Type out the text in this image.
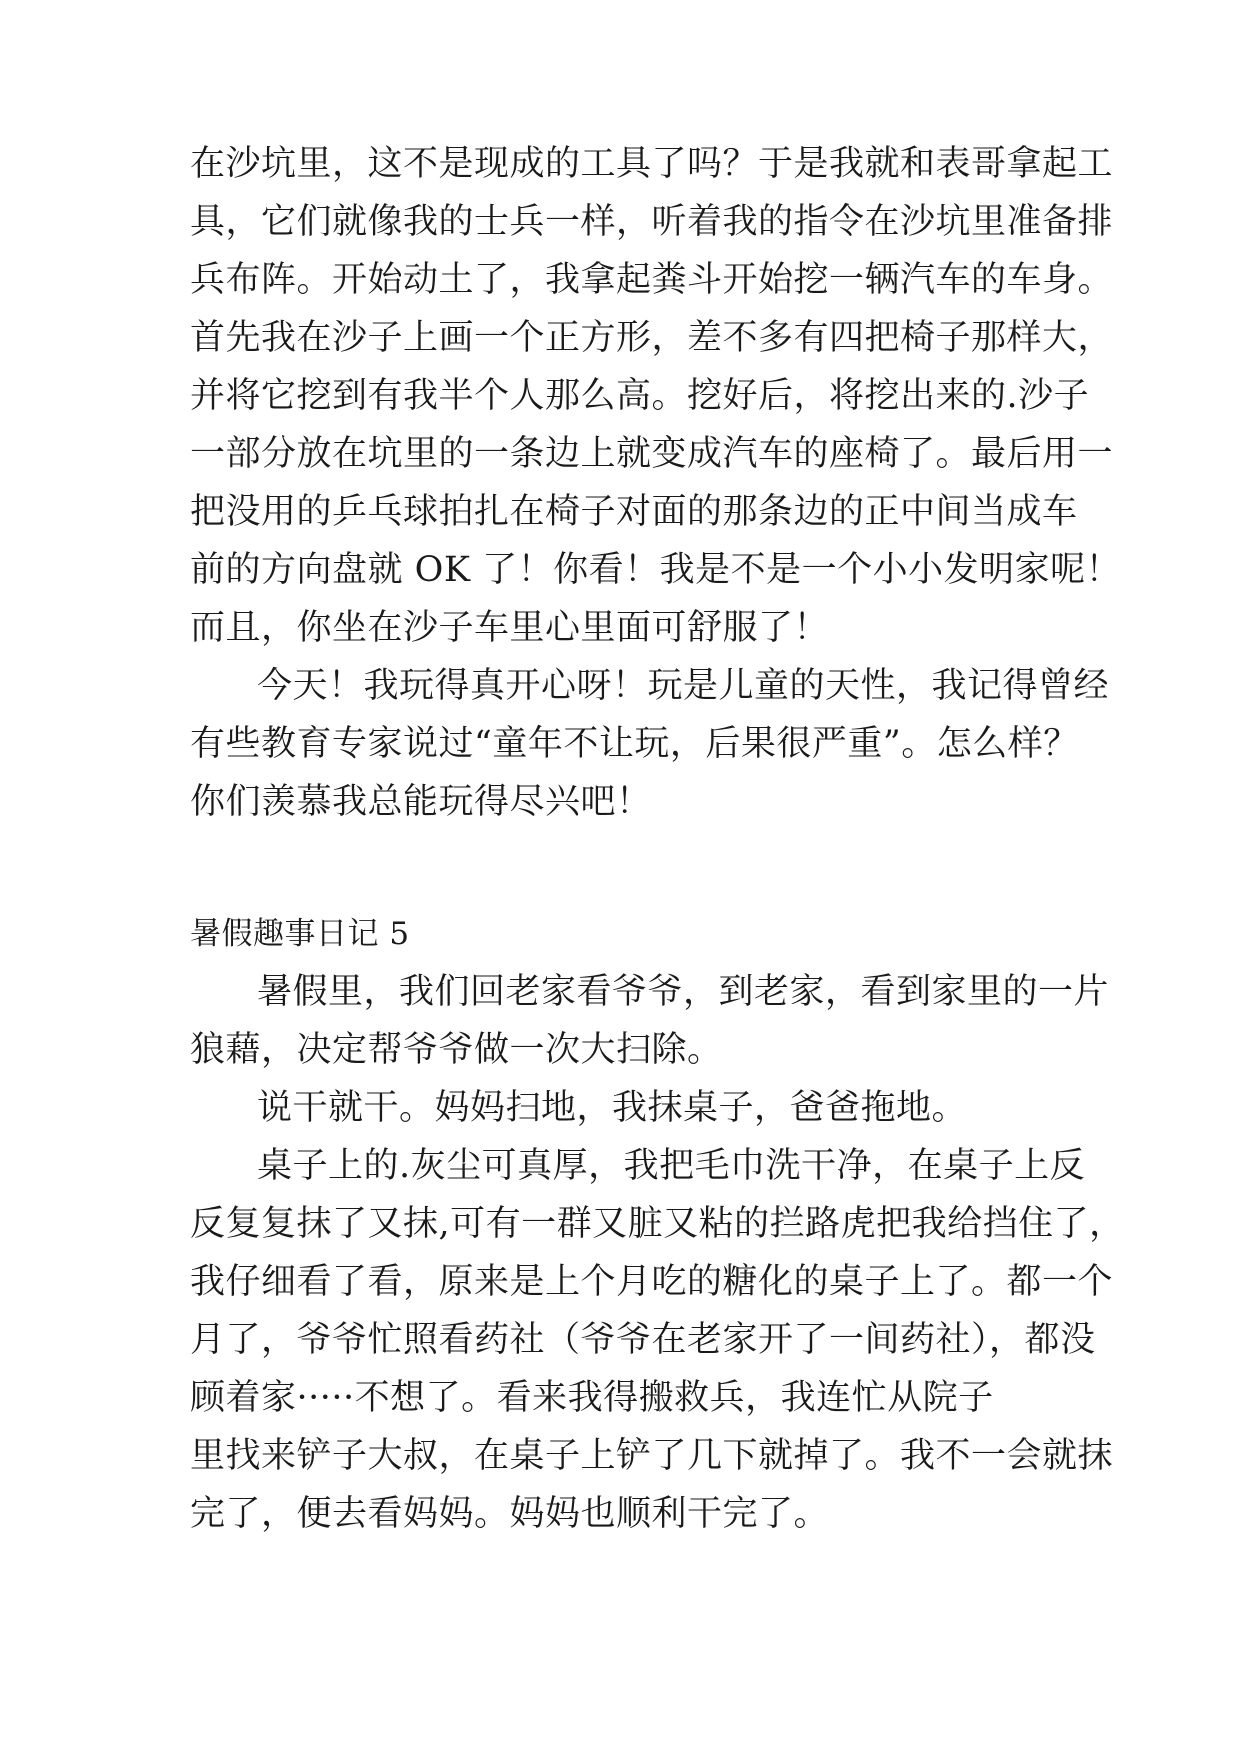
在沙坑里，这不是现成的工具了吗？于是我就和表哥拿起工
具，它们就像我的士兵一样，听着我的指令在沙坑里准备排
兵布阵。开始动土了，我拿起粪斗开始挖一辆汽车的车身。
首先我在沙子上画一个正方形，差不多有四把椅子那样大，
并将它挖到有我半个人那么高。挖好后，将挖出来的.沙子
一部分放在坑里的一条边上就变成汽车的座椅了。最后用一
把没用的乒乓球拍扎在椅子对面的那条边的正中间当成车
前的方向盘就 OK 了！你看！我是不是一个小小发明家呢！
而且，你坐在沙子车里心里面可舒服了！
今天！我玩得真开心呀！玩是儿童的天性，我记得曾经
有些教育专家说过“童年不让玩，后果很严重”。怎么样？
你们羡慕我总能玩得尽兴吧！
暑假趣事日记 5
暑假里，我们回老家看爷爷，到老家，看到家里的一片
狼藉，决定帮爷爷做一次大扫除。
说干就干。妈妈扫地，我抹桌子，爸爸拖地。
桌子上的.灰尘可真厚，我把毛巾洗干净，在桌子上反
反复复抹了又抹,可有一群又脏又粘的拦路虎把我给挡住了，
我仔细看了看，原来是上个月吃的糖化的桌子上了。都一个
月了，爷爷忙照看药社（爷爷在老家开了一间药社），都没
顾着家·····不想了。看来我得搬救兵，我连忙从院子
里找来铲子大叔，在桌子上铲了几下就掉了。我不一会就抹
完了，便去看妈妈。妈妈也顺利干完了。
